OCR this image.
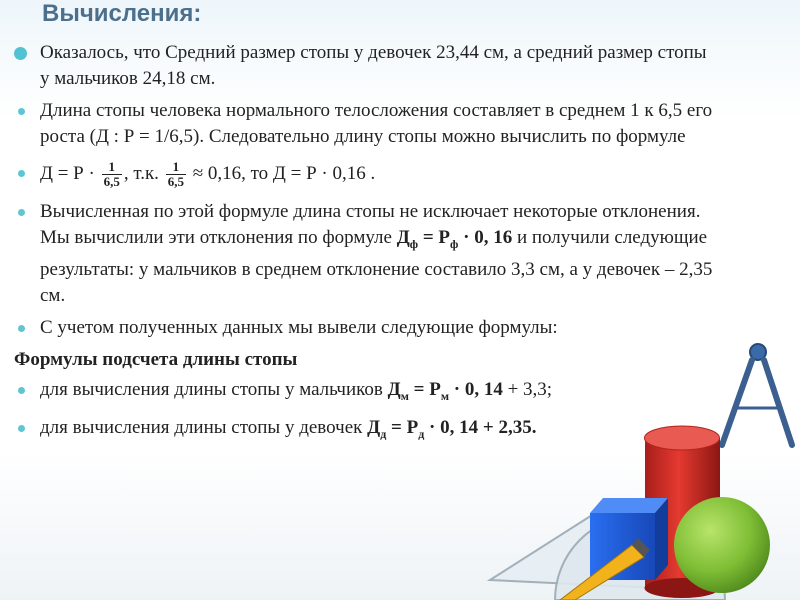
Вычисления:
Оказалось, что Средний размер стопы у девочек 23,44 см, а средний размер стопы у мальчиков 24,18 см.
Длина стопы человека нормального телосложения составляет в среднем 1 к 6,5 его роста (Д : Р = 1/6,5). Следовательно длину стопы можно вычислить по формуле
$Д = Р \cdot \frac{1}{6,5}$ , т.к. $\frac{1}{6,5} \approx 0,16$, то Д = Р · 0,16 .
Вычисленная по этой формуле длина стопы не исключает некоторые отклонения. Мы вычислили эти отклонения по формуле $Д_ф = Р_ф \cdot 0$, 16 и получили следующие результаты: у мальчиков в среднем отклонение составило 3,3 см, а у девочек – 2,35 см.
С учетом полученных данных мы вывели следующие формулы:
Формулы подсчета длины стопы
для вычисления длины стопы у мальчиков $Д_м = Р_м \cdot 0$, 14 + 3,3;
для вычисления длины стопы у девочек $Д_д = Р_д \cdot 0$, 14 + 2,35.
